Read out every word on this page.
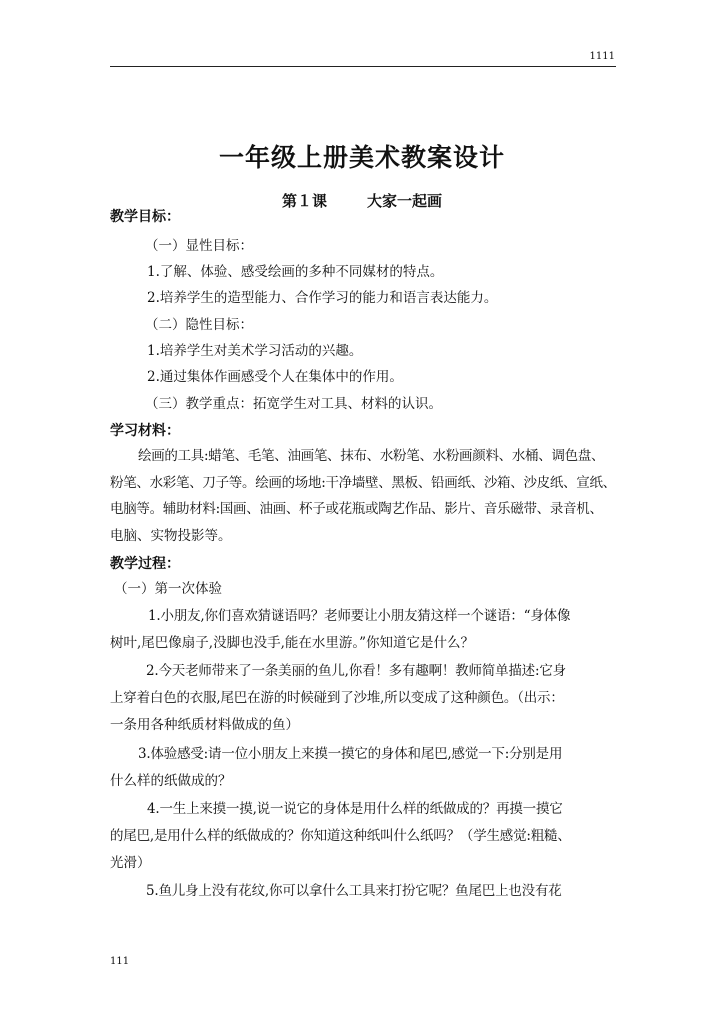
1111
一年级上册美术教案设计
第１课	大家一起画
教学目标：
（一）显性目标：
1.了解、体验、感受绘画的多种不同媒材的特点。
2.培养学生的造型能力、合作学习的能力和语言表达能力。
（二）隐性目标：
1.培养学生对美术学习活动的兴趣。
2.通过集体作画感受个人在集体中的作用。
（三）教学重点：拓宽学生对工具、材料的认识。
学习材料：
绘画的工具:蜡笔、毛笔、油画笔、抹布、水粉笔、水粉画颜料、水桶、调色盘、
粉笔、水彩笔、刀子等。绘画的场地:干净墙壁、黑板、铅画纸、沙箱、沙皮纸、宣纸、
电脑等。辅助材料:国画、油画、杯子或花瓶或陶艺作品、影片、音乐磁带、录音机、
电脑、实物投影等。
教学过程：
（一）第一次体验
1.小朋友,你们喜欢猜谜语吗？老师要让小朋友猜这样一个谜语：“身体像
树叶,尾巴像扇子,没脚也没手,能在水里游。”你知道它是什么？
2.今天老师带来了一条美丽的鱼儿,你看！多有趣啊！教师简单描述:它身
上穿着白色的衣服,尾巴在游的时候碰到了沙堆,所以变成了这种颜色。（出示：
一条用各种纸质材料做成的鱼）
3.体验感受:请一位小朋友上来摸一摸它的身体和尾巴,感觉一下:分别是用
什么样的纸做成的？
4.一生上来摸一摸,说一说它的身体是用什么样的纸做成的？再摸一摸它
的尾巴,是用什么样的纸做成的？你知道这种纸叫什么纸吗？（学生感觉:粗糙、
光滑）
5.鱼儿身上没有花纹,你可以拿什么工具来打扮它呢？鱼尾巴上也没有花
111
